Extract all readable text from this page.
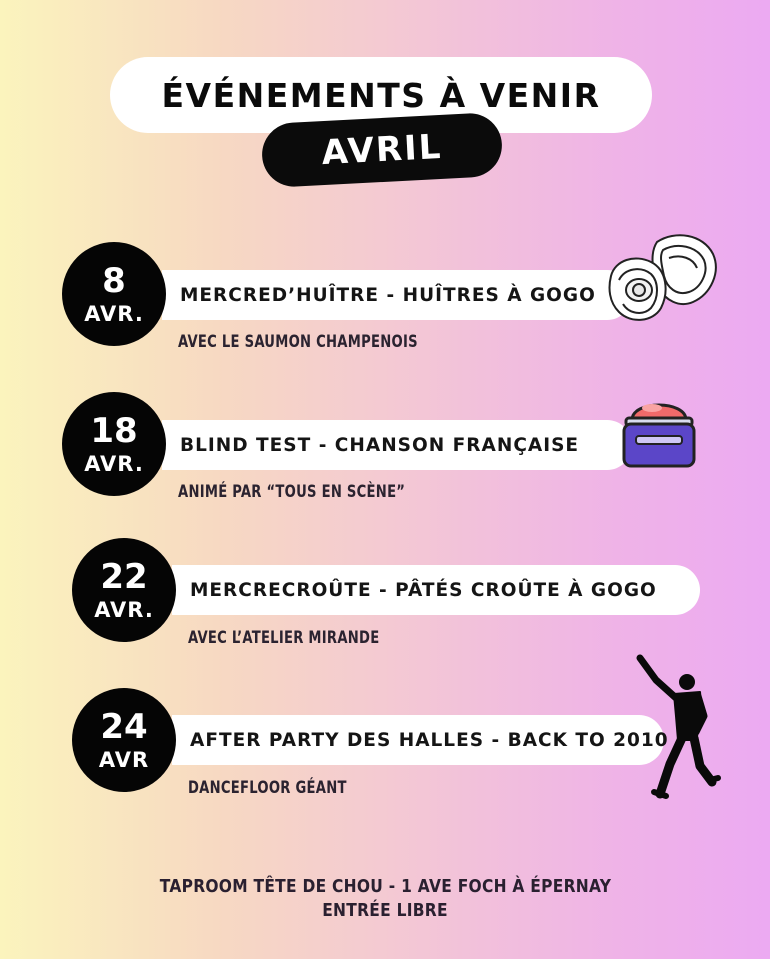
ÉVÉNEMENTS À VENIR
AVRIL
MERCRED’HUÎTRE - HUÎTRES À GOGO
8
AVR.
AVEC LE SAUMON CHAMPENOIS
BLIND TEST - CHANSON FRANÇAISE
18
AVR.
ANIMÉ PAR “TOUS EN SCÈNE”
MERCRECROÛTE - PÂTÉS CROÛTE À GOGO
22
AVR.
AVEC L’ATELIER MIRANDE
AFTER PARTY DES HALLES - BACK TO 2010
24
AVR
DANCEFLOOR GÉANT
TAPROOM TÊTE DE CHOU - 1 AVE FOCH À ÉPERNAY
ENTRÉE LIBRE
